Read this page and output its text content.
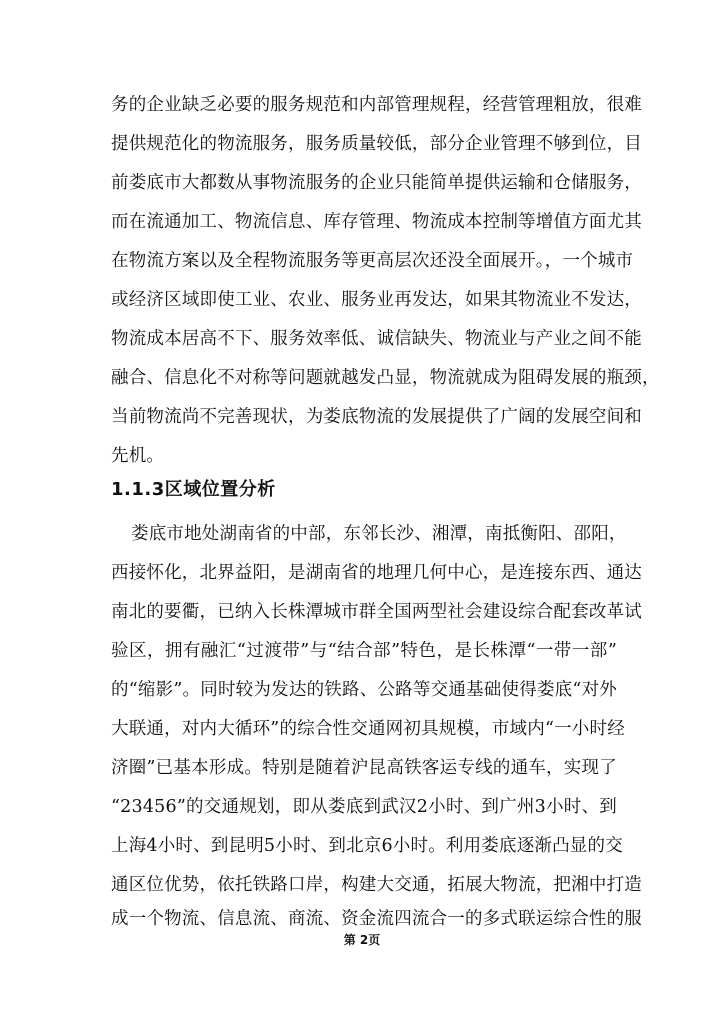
务的企业缺乏必要的服务规范和内部管理规程，经营管理粗放，很难
提供规范化的物流服务，服务质量较低，部分企业管理不够到位，目
前娄底市大都数从事物流服务的企业只能简单提供运输和仓储服务，
而在流通加工、物流信息、库存管理、物流成本控制等增值方面尤其
在物流方案以及全程物流服务等更高层次还没全面展开。，一个城市
或经济区域即使工业、农业、服务业再发达，如果其物流业不发达，
物流成本居高不下、服务效率低、诚信缺失、物流业与产业之间不能
融合、信息化不对称等问题就越发凸显，物流就成为阻碍发展的瓶颈，
当前物流尚不完善现状，为娄底物流的发展提供了广阔的发展空间和
先机。
1.1.3区域位置分析
娄底市地处湖南省的中部，东邻长沙、湘潭，南抵衡阳、邵阳，
西接怀化，北界益阳，是湖南省的地理几何中心，是连接东西、通达
南北的要衢，已纳入长株潭城市群全国两型社会建设综合配套改革试
验区，拥有融汇“过渡带”与“结合部”特色，是长株潭“一带一部”
的“缩影”。同时较为发达的铁路、公路等交通基础使得娄底“对外
大联通，对内大循环”的综合性交通网初具规模，市域内“一小时经
济圈”已基本形成。特别是随着沪昆高铁客运专线的通车，实现了
“23456”的交通规划，即从娄底到武汉2小时、到广州3小时、到
上海4小时、到昆明5小时、到北京6小时。利用娄底逐渐凸显的交
通区位优势，依托铁路口岸，构建大交通，拓展大物流，把湘中打造
成一个物流、信息流、商流、资金流四流合一的多式联运综合性的服
第 2页
